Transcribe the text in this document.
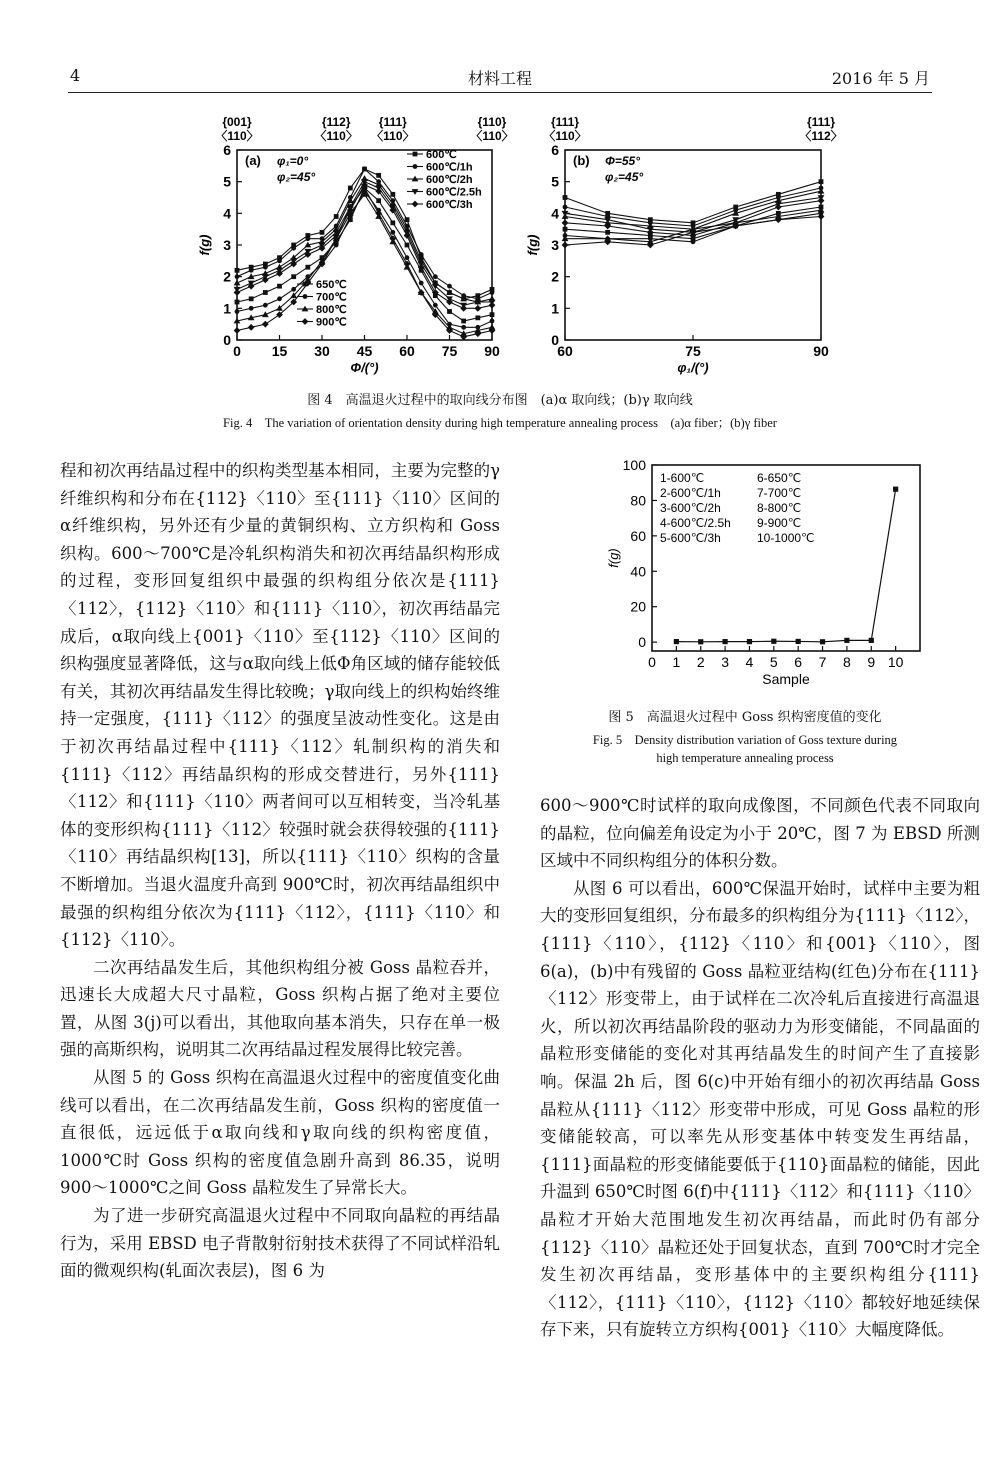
4	材料工程	2016 年 5 月
0 15 30 45 60 75 90
0
1
2
3
4
5
6
{001}
〈110〉
{112}
〈110〉
{111}
〈110〉
{110}
〈110〉
Φ/(°)
f(g)
(a) φ₁=0°
φ₂=45°
600℃
600℃/1h
600℃/2h
600℃/2.5h
600℃/3h
650℃
700℃
800℃
900℃
60	75	90
0
1
2
3
4
5
6
{111}
〈110〉
{111}
〈112〉
φ₁/(°)
f(g)
(b) Φ=55°
φ₂=45°
图 4　高温退火过程中的取向线分布图　(a)α 取向线；(b)γ 取向线
Fig. 4　The variation of orientation density during high temperature annealing process　(a)α fiber；(b)γ fiber
0 1 2 3 4 5 6 7 8 9 10
0
20
40
60
80
100
Sample
f(g)
1-600℃	6-650℃
2-600℃/1h	7-700℃
3-600℃/2h	8-800℃
4-600℃/2.5h 9-900℃
5-600℃/3h	10-1000℃
图 5　高温退火过程中 Goss 织构密度值的变化
Fig. 5　Density distribution variation of Goss texture during
high temperature annealing process

程和初次再结晶过程中的织构类型基本相同，主要为完整的γ纤维织构和分布在{112}〈110〉至{111}〈110〉区间的α纤维织构，另外还有少量的黄铜织构、立方织构和 Goss 织构。600～700℃是冷轧织构消失和初次再结晶织构形成的过程，变形回复组织中最强的织构组分依次是{111}〈112〉，{112}〈110〉和{111}〈110〉，初次再结晶完成后，α取向线上{001}〈110〉至{112}〈110〉区间的织构强度显著降低，这与α取向线上低Φ角区域的储存能较低有关，其初次再结晶发生得比较晚；γ取向线上的织构始终维持一定强度，{111}〈112〉的强度呈波动性变化。这是由于初次再结晶过程中{111}〈112〉轧制织构的消失和{111}〈112〉再结晶织构的形成交替进行，另外{111}〈112〉和{111}〈110〉两者间可以互相转变，当冷轧基体的变形织构{111}〈112〉较强时就会获得较强的{111}〈110〉再结晶织构[13]，所以{111}〈110〉织构的含量不断增加。当退火温度升高到 900℃时，初次再结晶组织中最强的织构组分依次为{111}〈112〉，{111}〈110〉和{112}〈110〉。

二次再结晶发生后，其他织构组分被 Goss 晶粒吞并，迅速长大成超大尺寸晶粒，Goss 织构占据了绝对主要位置，从图 3(j)可以看出，其他取向基本消失，只存在单一极强的高斯织构，说明其二次再结晶过程发展得比较完善。

从图 5 的 Goss 织构在高温退火过程中的密度值变化曲线可以看出，在二次再结晶发生前，Goss 织构的密度值一直很低，远远低于α取向线和γ取向线的织构密度值，1000℃时 Goss 织构的密度值急剧升高到 86.35，说明 900～1000℃之间 Goss 晶粒发生了异常长大。

为了进一步研究高温退火过程中不同取向晶粒的再结晶行为，采用 EBSD 电子背散射衍射技术获得了不同试样沿轧面的微观织构(轧面次表层)，图 6 为

600～900℃时试样的取向成像图，不同颜色代表不同取向的晶粒，位向偏差角设定为小于 20℃，图 7 为 EBSD 所测区域中不同织构组分的体积分数。

从图 6 可以看出，600℃保温开始时，试样中主要为粗大的变形回复组织，分布最多的织构组分为{111}〈112〉，{111}〈110〉，{112}〈110〉和{001}〈110〉，图 6(a)，(b)中有残留的 Goss 晶粒亚结构(红色)分布在{111}〈112〉形变带上，由于试样在二次冷轧后直接进行高温退火，所以初次再结晶阶段的驱动力为形变储能，不同晶面的晶粒形变储能的变化对其再结晶发生的时间产生了直接影响。保温 2h 后，图 6(c)中开始有细小的初次再结晶 Goss 晶粒从{111}〈112〉形变带中形成，可见 Goss 晶粒的形变储能较高，可以率先从形变基体中转变发生再结晶，{111}面晶粒的形变储能要低于{110}面晶粒的储能，因此升温到 650℃时图 6(f)中{111}〈112〉和{111}〈110〉晶粒才开始大范围地发生初次再结晶，而此时仍有部分{112}〈110〉晶粒还处于回复状态，直到 700℃时才完全发生初次再结晶，变形基体中的主要织构组分{111}〈112〉，{111}〈110〉，{112}〈110〉都较好地延续保存下来，只有旋转立方织构{001}〈110〉大幅度降低。
